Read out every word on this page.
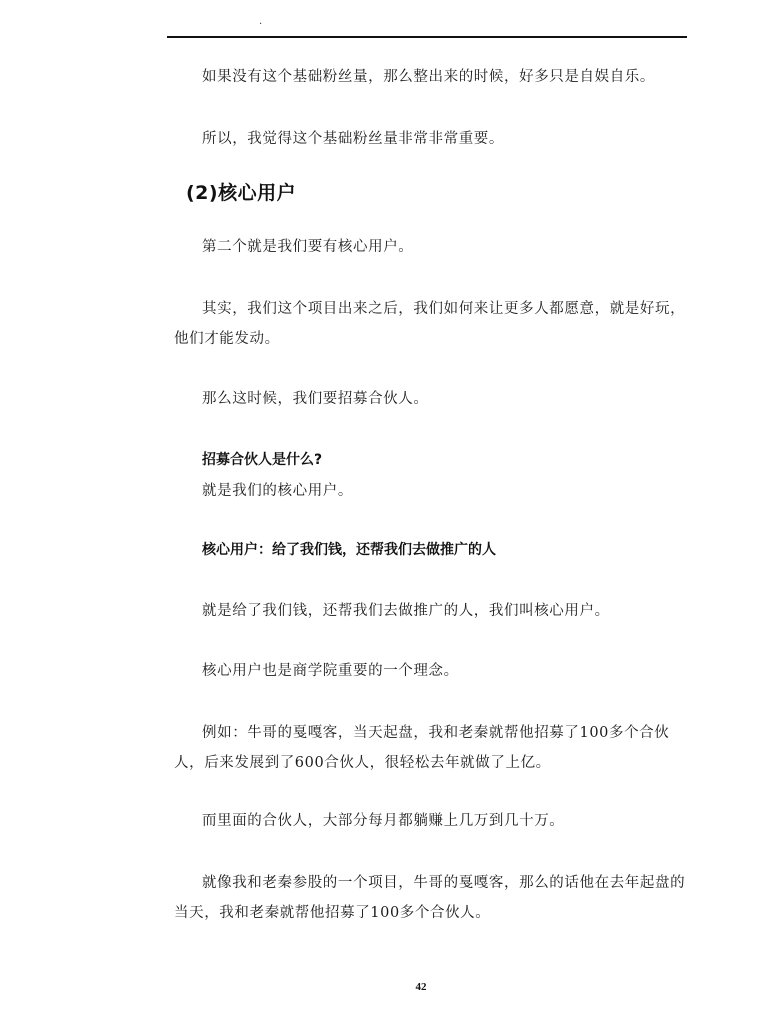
.
如果没有这个基础粉丝量，那么整出来的时候，好多只是自娱自乐。
所以，我觉得这个基础粉丝量非常非常重要。
(2)核心用户
第二个就是我们要有核心用户。
其实，我们这个项目出来之后，我们如何来让更多人都愿意，就是好玩，他们才能发动。
那么这时候，我们要招募合伙人。
招募合伙人是什么?
就是我们的核心用户。
核心用户：给了我们钱，还帮我们去做推广的人
就是给了我们钱，还帮我们去做推广的人，我们叫核心用户。
核心用户也是商学院重要的一个理念。
例如：牛哥的戛嘎客，当天起盘，我和老秦就帮他招募了100多个合伙人，后来发展到了600合伙人，很轻松去年就做了上亿。
而里面的合伙人，大部分每月都躺赚上几万到几十万。
就像我和老秦参股的一个项目，牛哥的戛嘎客，那么的话他在去年起盘的当天，我和老秦就帮他招募了100多个合伙人。
42
